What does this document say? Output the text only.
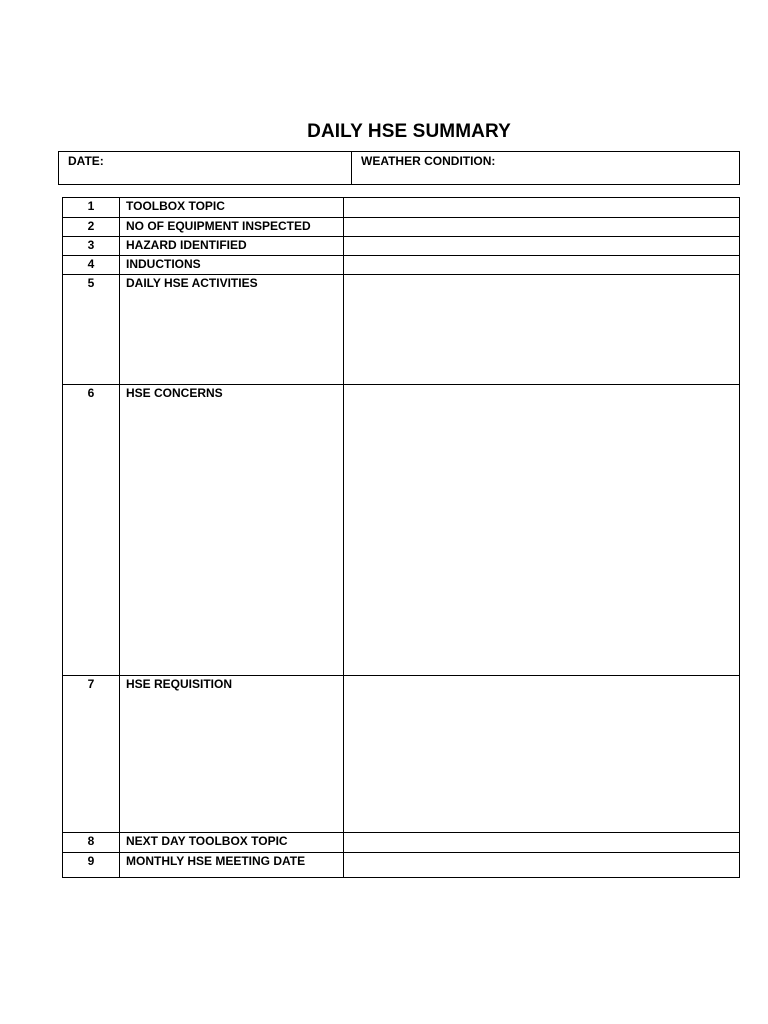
DAILY HSE SUMMARY
DATE:	WEATHER CONDITION:
1	TOOLBOX TOPIC	
2	NO OF EQUIPMENT INSPECTED	
3	HAZARD IDENTIFIED	
4	INDUCTIONS	
5	DAILY HSE ACTIVITIES	
6	HSE CONCERNS	
7	HSE REQUISITION	
8	NEXT DAY TOOLBOX TOPIC	
9	MONTHLY HSE MEETING DATE	
